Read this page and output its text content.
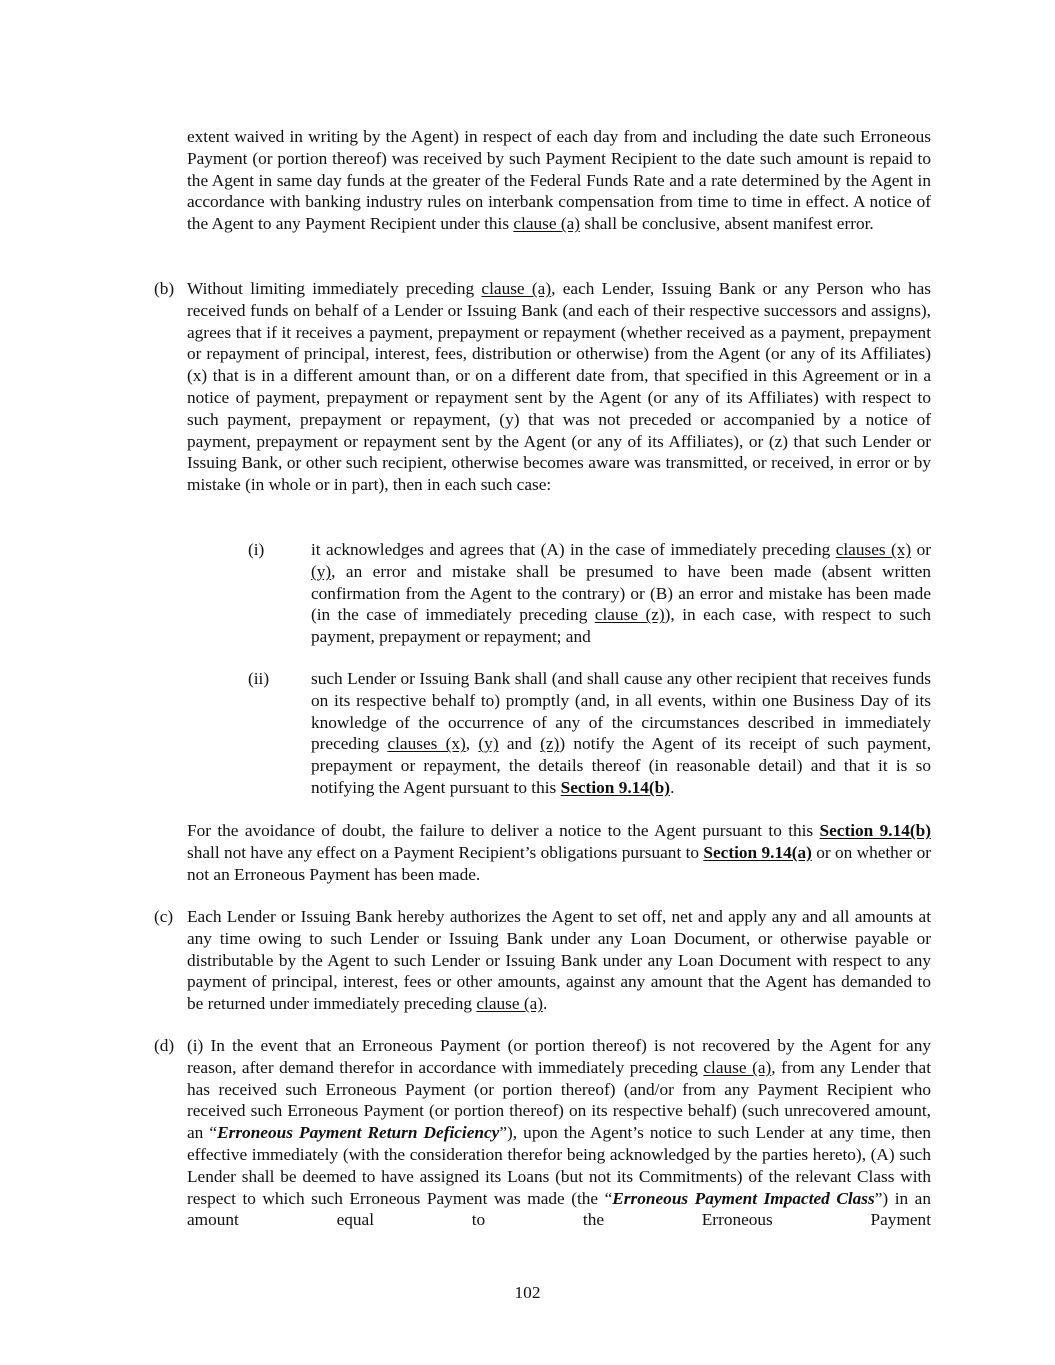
extent waived in writing by the Agent) in respect of each day from and including the date such Erroneous Payment (or portion thereof) was received by such Payment Recipient to the date such amount is repaid to the Agent in same day funds at the greater of the Federal Funds Rate and a rate determined by the Agent in accordance with banking industry rules on interbank compensation from time to time in effect. A notice of the Agent to any Payment Recipient under this clause (a) shall be conclusive, absent manifest error.

(b) Without limiting immediately preceding clause (a), each Lender, Issuing Bank or any Person who has received funds on behalf of a Lender or Issuing Bank (and each of their respective successors and assigns), agrees that if it receives a payment, prepayment or repayment (whether received as a payment, prepayment or repayment of principal, interest, fees, distribution or otherwise) from the Agent (or any of its Affiliates) (x) that is in a different amount than, or on a different date from, that specified in this Agreement or in a notice of payment, prepayment or repayment sent by the Agent (or any of its Affiliates) with respect to such payment, prepayment or repayment, (y) that was not preceded or accompanied by a notice of payment, prepayment or repayment sent by the Agent (or any of its Affiliates), or (z) that such Lender or Issuing Bank, or other such recipient, otherwise becomes aware was transmitted, or received, in error or by mistake (in whole or in part), then in each such case:

(i)	it acknowledges and agrees that (A) in the case of immediately preceding clauses (x) or (y), an error and mistake shall be presumed to have been made (absent written confirmation from the Agent to the contrary) or (B) an error and mistake has been made (in the case of immediately preceding clause (z)), in each case, with respect to such payment, prepayment or repayment; and

(ii) such Lender or Issuing Bank shall (and shall cause any other recipient that receives funds on its respective behalf to) promptly (and, in all events, within one Business Day of its knowledge of the occurrence of any of the circumstances described in immediately preceding clauses (x), (y) and (z)) notify the Agent of its receipt of such payment, prepayment or repayment, the details thereof (in reasonable detail) and that it is so notifying the Agent pursuant to this Section 9.14(b).

For the avoidance of doubt, the failure to deliver a notice to the Agent pursuant to this Section 9.14(b) shall not have any effect on a Payment Recipient’s obligations pursuant to Section 9.14(a) or on whether or not an Erroneous Payment has been made.

(c) Each Lender or Issuing Bank hereby authorizes the Agent to set off, net and apply any and all amounts at any time owing to such Lender or Issuing Bank under any Loan Document, or otherwise payable or distributable by the Agent to such Lender or Issuing Bank under any Loan Document with respect to any payment of principal, interest, fees or other amounts, against any amount that the Agent has demanded to be returned under immediately preceding clause (a).

(d) (i) In the event that an Erroneous Payment (or portion thereof) is not recovered by the Agent for any reason, after demand therefor in accordance with immediately preceding clause (a), from any Lender that has received such Erroneous Payment (or portion thereof) (and/or from any Payment Recipient who received such Erroneous Payment (or portion thereof) on its respective behalf) (such unrecovered amount, an “Erroneous Payment Return Deficiency”), upon the Agent’s notice to such Lender at any time, then effective immediately (with the consideration therefor being acknowledged by the parties hereto), (A) such Lender shall be deemed to have assigned its Loans (but not its Commitments) of the relevant Class with respect to which such Erroneous Payment was made (the “Erroneous Payment Impacted Class”) in an amount equal to the Erroneous Payment

102
